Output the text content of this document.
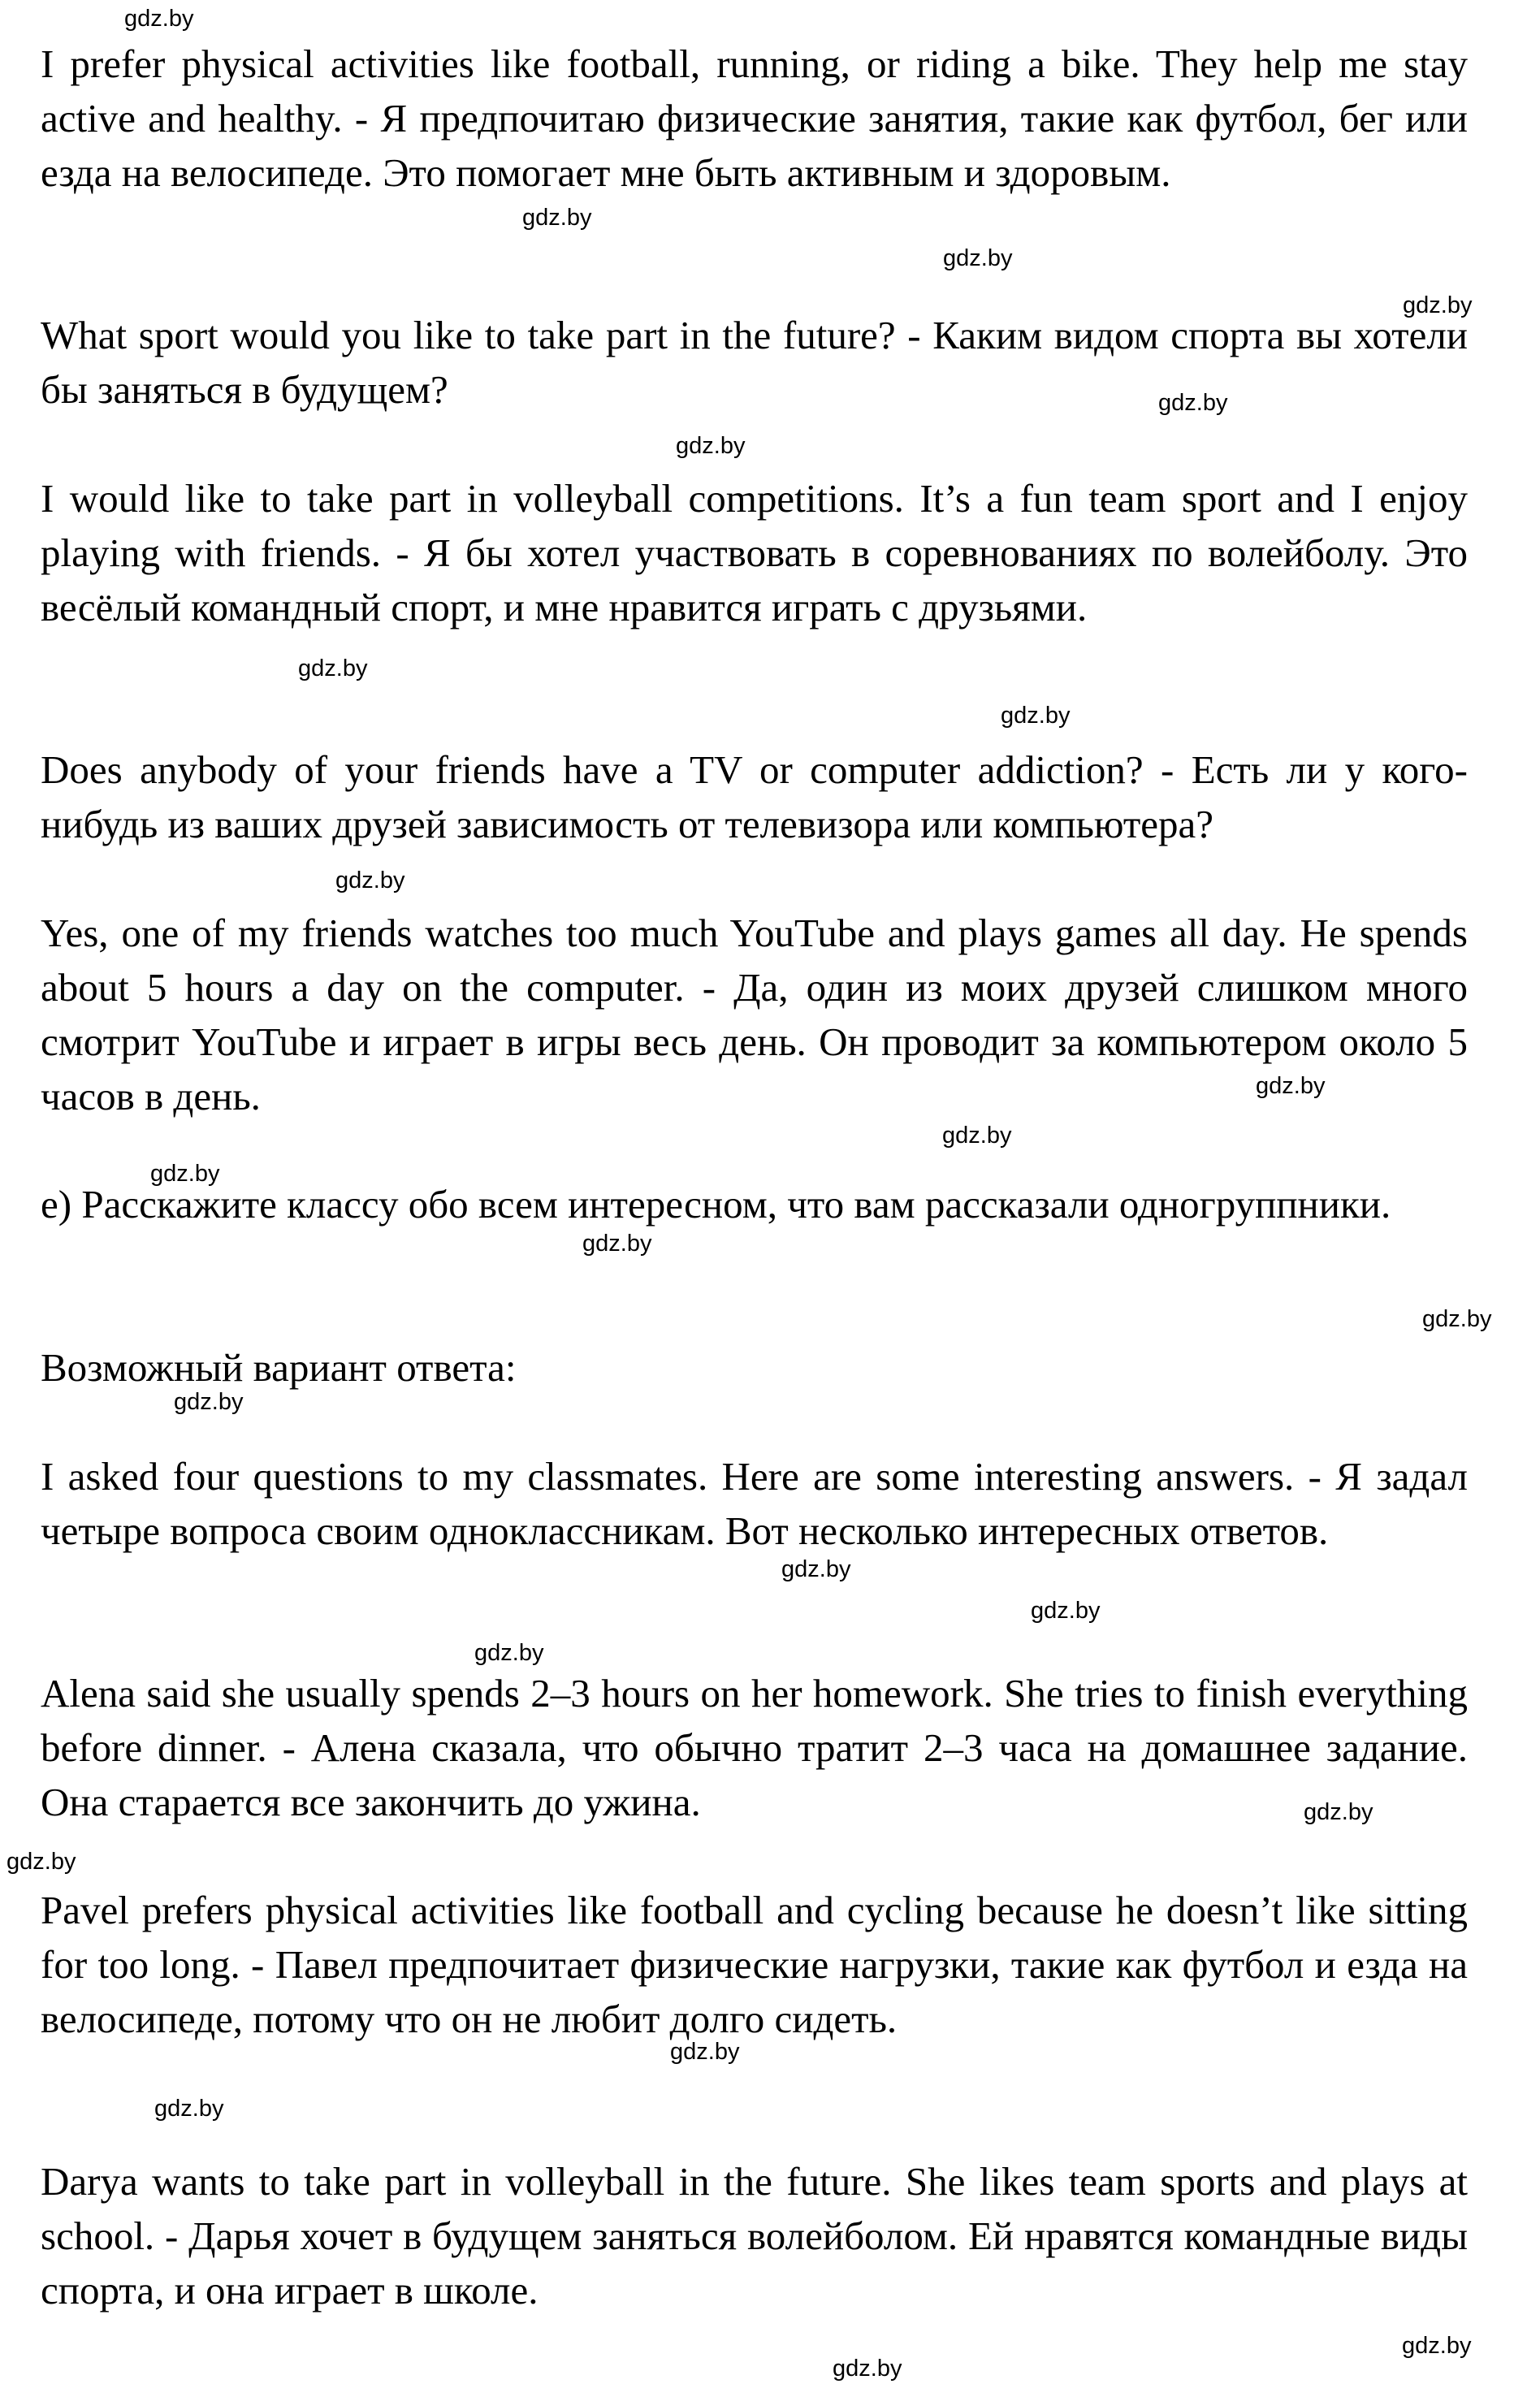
I prefer physical activities like football, running, or riding a bike. They help me stay active and healthy. - Я предпочитаю физические занятия, такие как футбол, бег или езда на велосипеде. Это помогает мне быть активным и здоровым.

What sport would you like to take part in the future? - Каким видом спорта вы хотели бы заняться в будущем?

I would like to take part in volleyball competitions. It’s a fun team sport and I enjoy playing with friends. - Я бы хотел участвовать в соревнованиях по волейболу. Это весёлый командный спорт, и мне нравится играть с друзьями.

Does anybody of your friends have a TV or computer addiction? - Есть ли у кого-нибудь из ваших друзей зависимость от телевизора или компьютера?

Yes, one of my friends watches too much YouTube and plays games all day. He spends about 5 hours a day on the computer. - Да, один из моих друзей слишком много смотрит YouTube и играет в игры весь день. Он проводит за компьютером около 5 часов в день.

e) Расскажите классу обо всем интересном, что вам рассказали одногруппники.

Возможный вариант ответа:

I asked four questions to my classmates. Here are some interesting answers. - Я задал четыре вопроса своим одноклассникам. Вот несколько интересных ответов.

Alena said she usually spends 2–3 hours on her homework. She tries to finish everything before dinner. - Алена сказала, что обычно тратит 2–3 часа на домашнее задание. Она старается все закончить до ужина.

Pavel prefers physical activities like football and cycling because he doesn’t like sitting for too long. - Павел предпочитает физические нагрузки, такие как футбол и езда на велосипеде, потому что он не любит долго сидеть.

Darya wants to take part in volleyball in the future. She likes team sports and plays at school. - Дарья хочет в будущем заняться волейболом. Ей нравятся командные виды спорта, и она играет в школе.

gdz.by
gdz.by
gdz.by
gdz.by
gdz.by
gdz.by
gdz.by
gdz.by
gdz.by
gdz.by
gdz.by
gdz.by
gdz.by
gdz.by
gdz.by
gdz.by
gdz.by
gdz.by
gdz.by
gdz.by
gdz.by
gdz.by
gdz.by
gdz.by
